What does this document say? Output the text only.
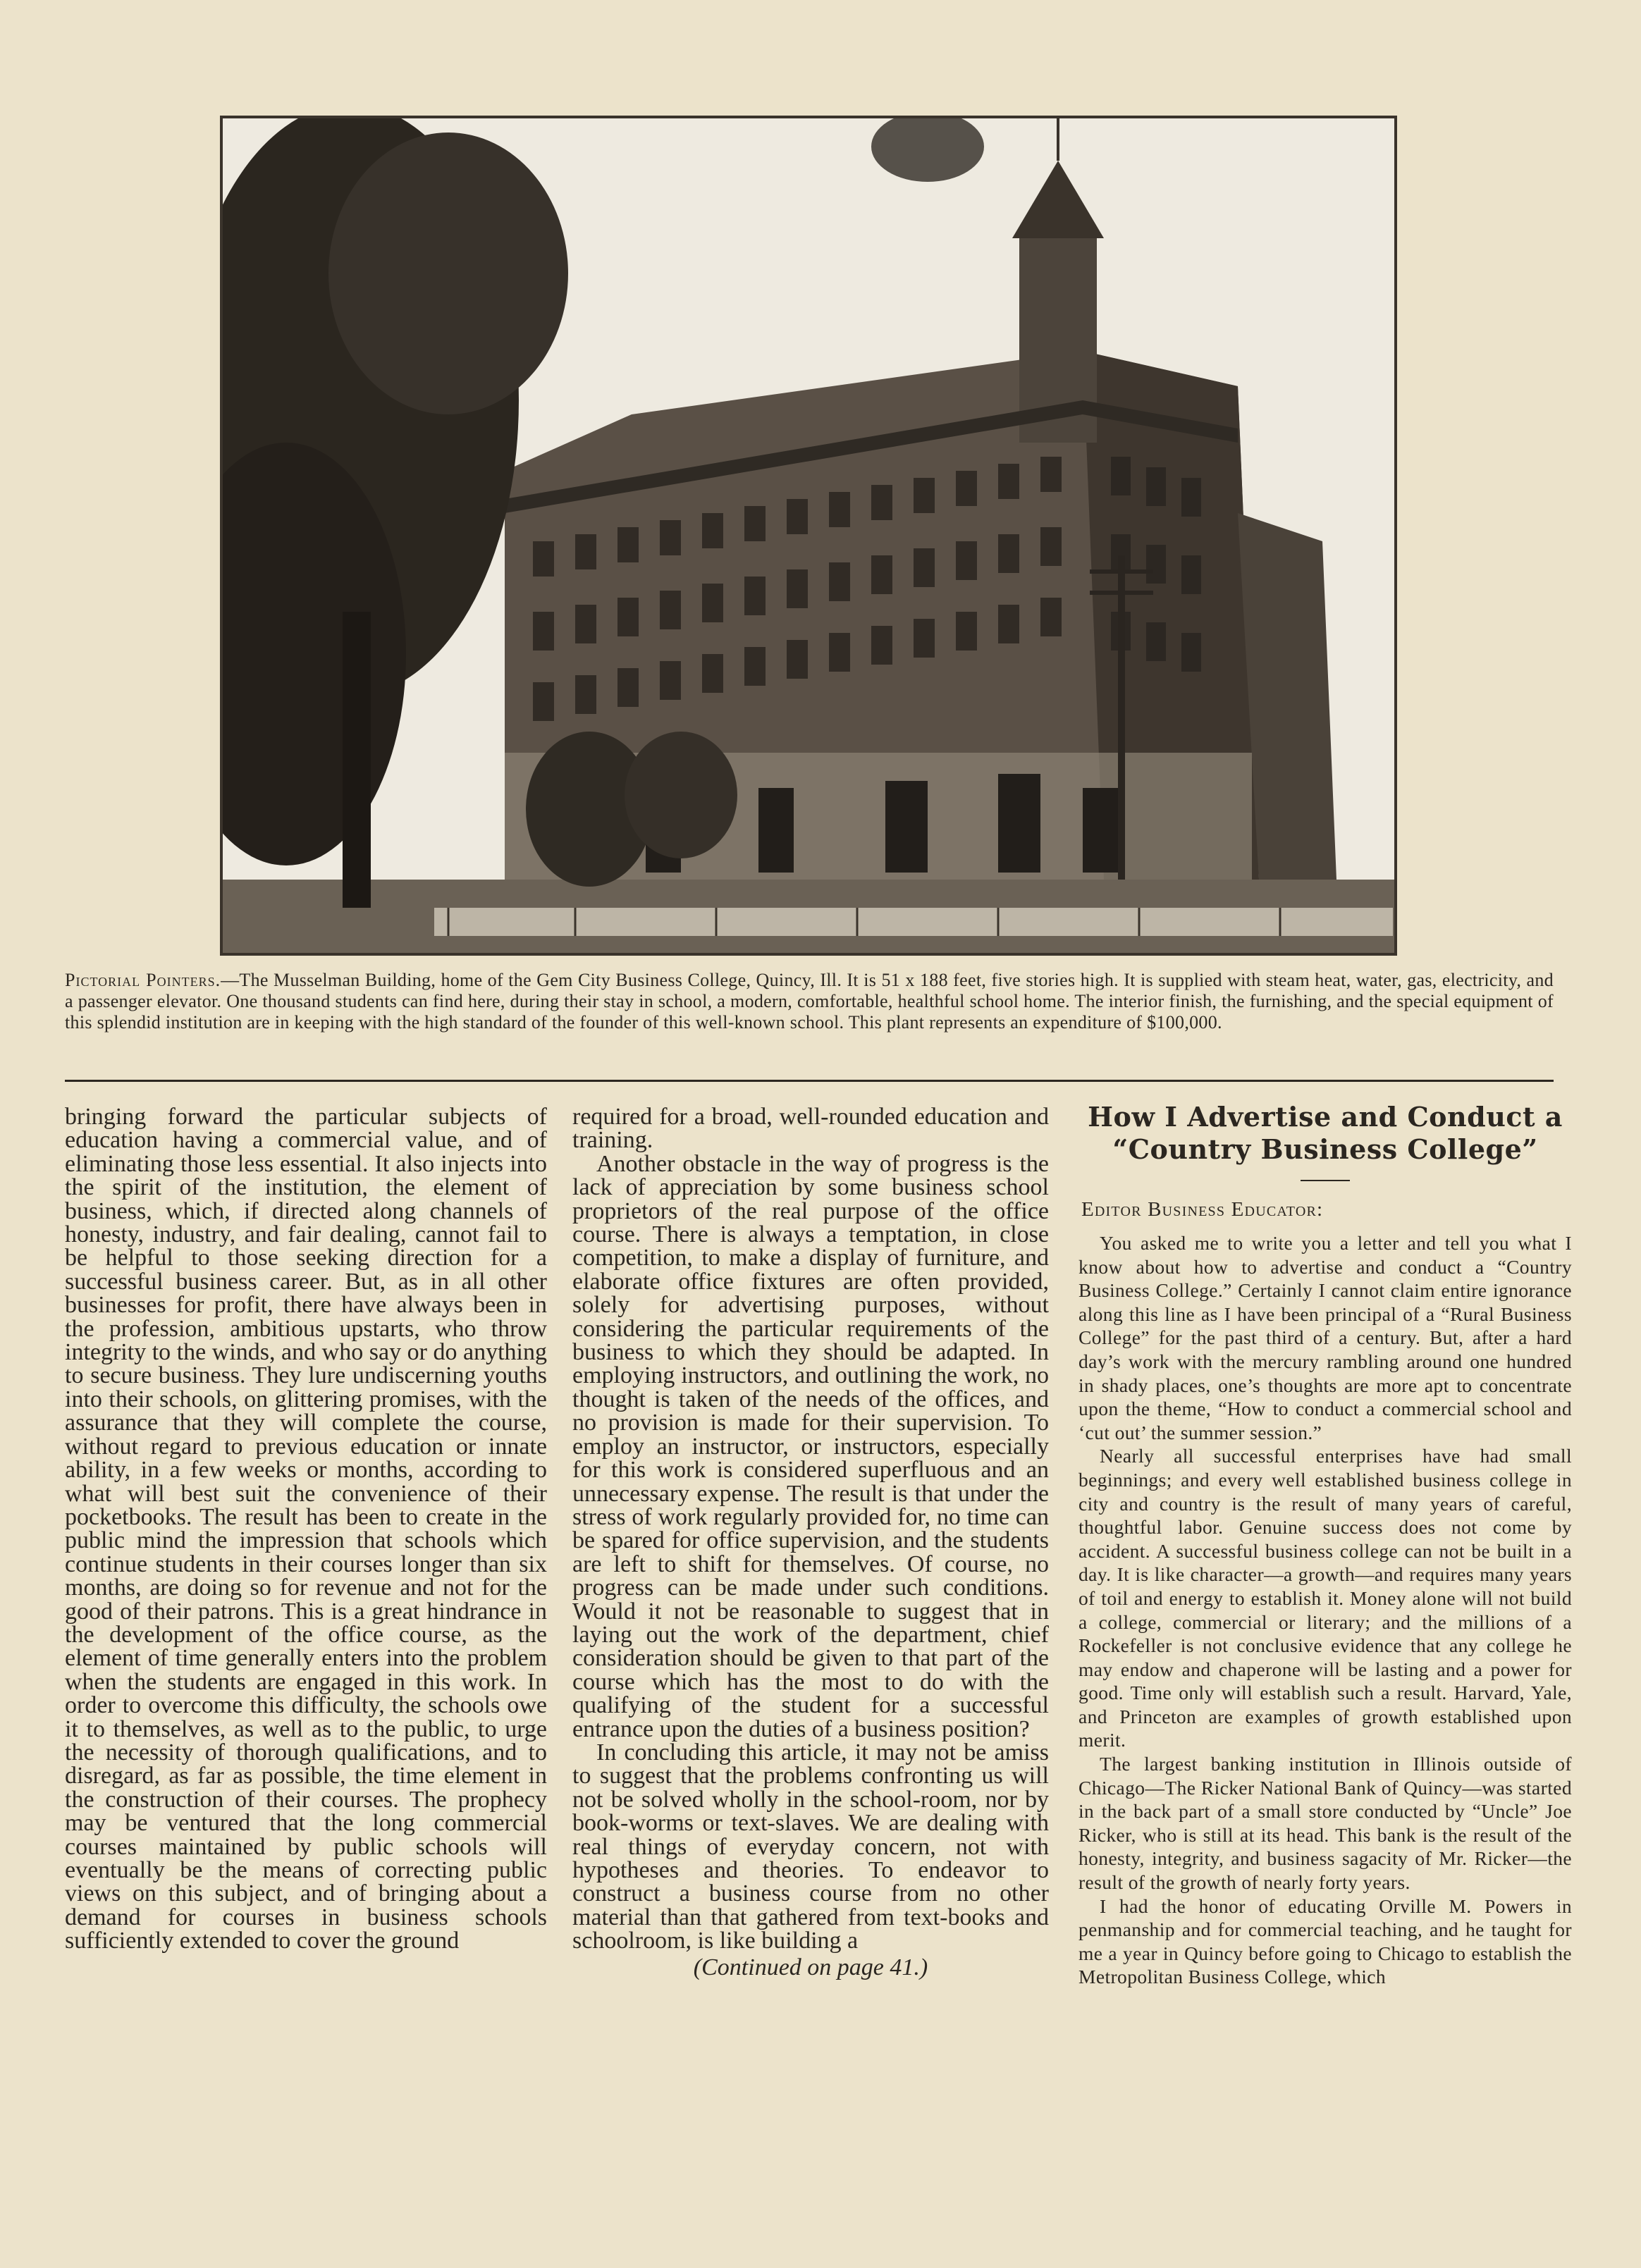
Pictorial Pointers.—The Musselman Building, home of the Gem City Business College, Quincy, Ill. It is 51 x 188 feet, five stories high. It is supplied with steam heat, water, gas, electricity, and a passenger elevator. One thousand students can find here, during their stay in school, a modern, comfortable, healthful school home. The interior finish, the furnishing, and the special equipment of this splendid institution are in keeping with the high standard of the founder of this well-known school. This plant represents an expenditure of $100,000.

bringing forward the particular subjects of education having a commercial value, and of eliminating those less essential. It also injects into the spirit of the institution, the element of business, which, if directed along channels of honesty, industry, and fair dealing, cannot fail to be helpful to those seeking direction for a successful business career. But, as in all other businesses for profit, there have always been in the profession, ambitious upstarts, who throw integrity to the winds, and who say or do anything to secure business. They lure undiscerning youths into their schools, on glittering promises, with the assurance that they will complete the course, without regard to previous education or innate ability, in a few weeks or months, according to what will best suit the convenience of their pocketbooks. The result has been to create in the public mind the impression that schools which continue students in their courses longer than six months, are doing so for revenue and not for the good of their patrons. This is a great hindrance in the development of the office course, as the element of time generally enters into the problem when the students are engaged in this work. In order to overcome this difficulty, the schools owe it to themselves, as well as to the public, to urge the necessity of thorough qualifications, and to disregard, as far as possible, the time element in the construction of their courses. The prophecy may be ventured that the long commercial courses maintained by public schools will eventually be the means of correcting public views on this subject, and of bringing about a demand for courses in business schools sufficiently extended to cover the ground

required for a broad, well-rounded education and training.

Another obstacle in the way of progress is the lack of appreciation by some business school proprietors of the real purpose of the office course. There is always a temptation, in close competition, to make a display of furniture, and elaborate office fixtures are often provided, solely for advertising purposes, without considering the particular requirements of the business to which they should be adapted. In employing instructors, and outlining the work, no thought is taken of the needs of the offices, and no provision is made for their supervision. To employ an instructor, or instructors, especially for this work is considered superfluous and an unnecessary expense. The result is that under the stress of work regularly provided for, no time can be spared for office supervision, and the students are left to shift for themselves. Of course, no progress can be made under such conditions. Would it not be reasonable to suggest that in laying out the work of the department, chief consideration should be given to that part of the course which has the most to do with the qualifying of the student for a successful entrance upon the duties of a business position?

In concluding this article, it may not be amiss to suggest that the problems confronting us will not be solved wholly in the school-room, nor by book-worms or text-slaves. We are dealing with real things of everyday concern, not with hypotheses and theories. To endeavor to construct a business course from no other material than that gathered from text-books and schoolroom, is like building a

(Continued on page 41.)

How I Advertise and Conduct a “Country Business College”
Editor Business Educator:

You asked me to write you a letter and tell you what I know about how to advertise and conduct a “Country Business College.” Certainly I cannot claim entire ignorance along this line as I have been principal of a “Rural Business College” for the past third of a century. But, after a hard day’s work with the mercury rambling around one hundred in shady places, one’s thoughts are more apt to concentrate upon the theme, “How to conduct a commercial school and ‘cut out’ the summer session.”

Nearly all successful enterprises have had small beginnings; and every well established business college in city and country is the result of many years of careful, thoughtful labor. Genuine success does not come by accident. A successful business college can not be built in a day. It is like character—a growth—and requires many years of toil and energy to establish it. Money alone will not build a college, commercial or literary; and the millions of a Rockefeller is not conclusive evidence that any college he may endow and chaperone will be lasting and a power for good. Time only will establish such a result. Harvard, Yale, and Princeton are examples of growth established upon merit.

The largest banking institution in Illinois outside of Chicago—The Ricker National Bank of Quincy—was started in the back part of a small store conducted by “Uncle” Joe Ricker, who is still at its head. This bank is the result of the honesty, integrity, and business sagacity of Mr. Ricker—the result of the growth of nearly forty years.

I had the honor of educating Orville M. Powers in penmanship and for commercial teaching, and he taught for me a year in Quincy before going to Chicago to establish the Metropolitan Business College, which
